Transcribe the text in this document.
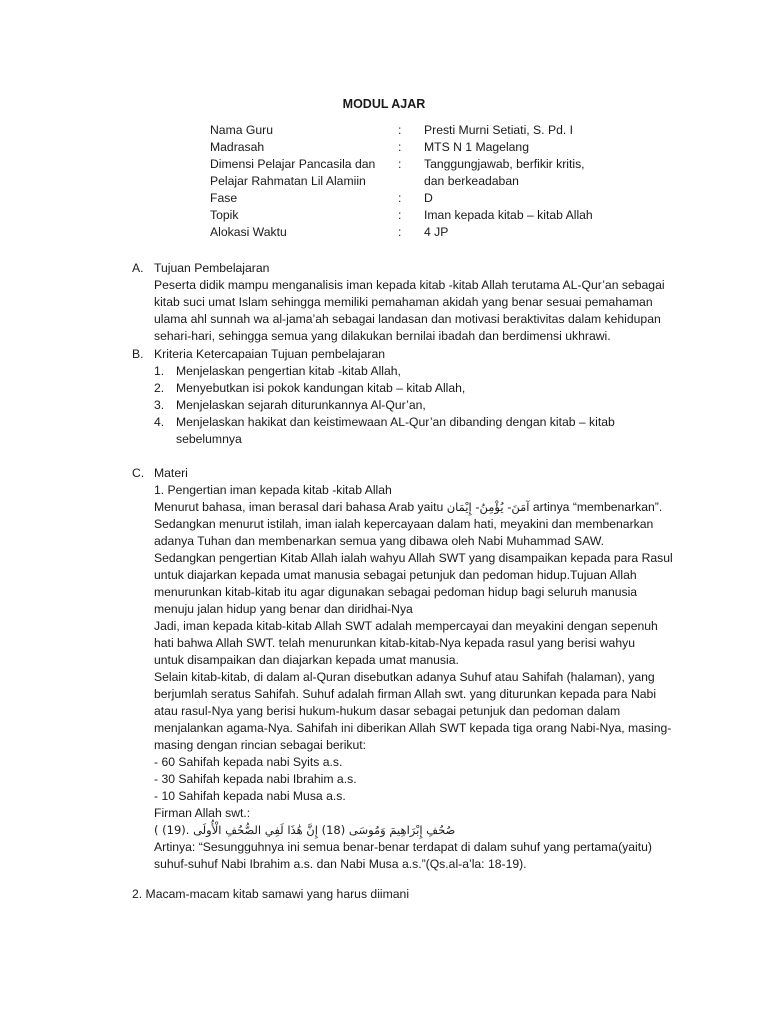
MODUL AJAR
Nama Guru	:	Presti Murni Setiati, S. Pd. I
Madrasah	:	MTS N 1 Magelang
Dimensi Pelajar Pancasila dan	:	Tanggungjawab, berfikir kritis,
Pelajar Rahmatan Lil Alamiin	dan berkeadaban
Fase	:	D
Topik	:	Iman kepada kitab – kitab Allah
Alokasi Waktu	:	4 JP
A. Tujuan Pembelajaran
Peserta didik mampu menganalisis iman kepada kitab -kitab Allah terutama AL-Qur’an sebagai
kitab suci umat Islam sehingga memiliki pemahaman akidah yang benar sesuai pemahaman
ulama ahl sunnah wa al-jama’ah sebagai landasan dan motivasi beraktivitas dalam kehidupan
sehari-hari, sehingga semua yang dilakukan bernilai ibadah dan berdimensi ukhrawi.
B. Kriteria Ketercapaian Tujuan pembelajaran
1. Menjelaskan pengertian kitab -kitab Allah,
2. Menyebutkan isi pokok kandungan kitab – kitab Allah,
3. Menjelaskan sejarah diturunkannya Al-Qur’an,
4. Menjelaskan hakikat dan keistimewaan AL-Qur’an dibanding dengan kitab – kitab
sebelumnya
C. Materi
1. Pengertian iman kepada kitab -kitab Allah
Menurut bahasa, iman berasal dari bahasa Arab yaitu آمَنَ- يُؤْمِنُ- إِيْمَان artinya “membenarkan”.
Sedangkan menurut istilah, iman ialah kepercayaan dalam hati, meyakini dan membenarkan
adanya Tuhan dan membenarkan semua yang dibawa oleh Nabi Muhammad SAW.
Sedangkan pengertian Kitab Allah ialah wahyu Allah SWT yang disampaikan kepada para Rasul
untuk diajarkan kepada umat manusia sebagai petunjuk dan pedoman hidup.Tujuan Allah
menurunkan kitab-kitab itu agar digunakan sebagai pedoman hidup bagi seluruh manusia
menuju jalan hidup yang benar dan diridhai-Nya
Jadi, iman kepada kitab-kitab Allah SWT adalah mempercayai dan meyakini dengan sepenuh
hati bahwa Allah SWT. telah menurunkan kitab-kitab-Nya kepada rasul yang berisi wahyu
untuk disampaikan dan diajarkan kepada umat manusia.
Selain kitab-kitab, di dalam al-Quran disebutkan adanya Suhuf atau Sahifah (halaman), yang
berjumlah seratus Sahifah. Suhuf adalah firman Allah swt. yang diturunkan kepada para Nabi
atau rasul-Nya yang berisi hukum-hukum dasar sebagai petunjuk dan pedoman dalam
menjalankan agama-Nya. Sahifah ini diberikan Allah SWT kepada tiga orang Nabi-Nya, masing-
masing dengan rincian sebagai berikut:
- 60 Sahifah kepada nabi Syits a.s.
- 30 Sahifah kepada nabi Ibrahim a.s.
- 10 Sahifah kepada nabi Musa a.s.
Firman Allah swt.:
( (19). صُحُفِ إِبْرَاهِيمَ وَمُوسَى (18) إِنَّ هَٰذَا لَفِي الصُّحُفِ الْأُولَى
Artinya: “Sesungguhnya ini semua benar-benar terdapat di dalam suhuf yang pertama(yaitu)
suhuf-suhuf Nabi Ibrahim a.s. dan Nabi Musa a.s.”(Qs.al-a’la: 18-19).
2. Macam-macam kitab samawi yang harus diimani
